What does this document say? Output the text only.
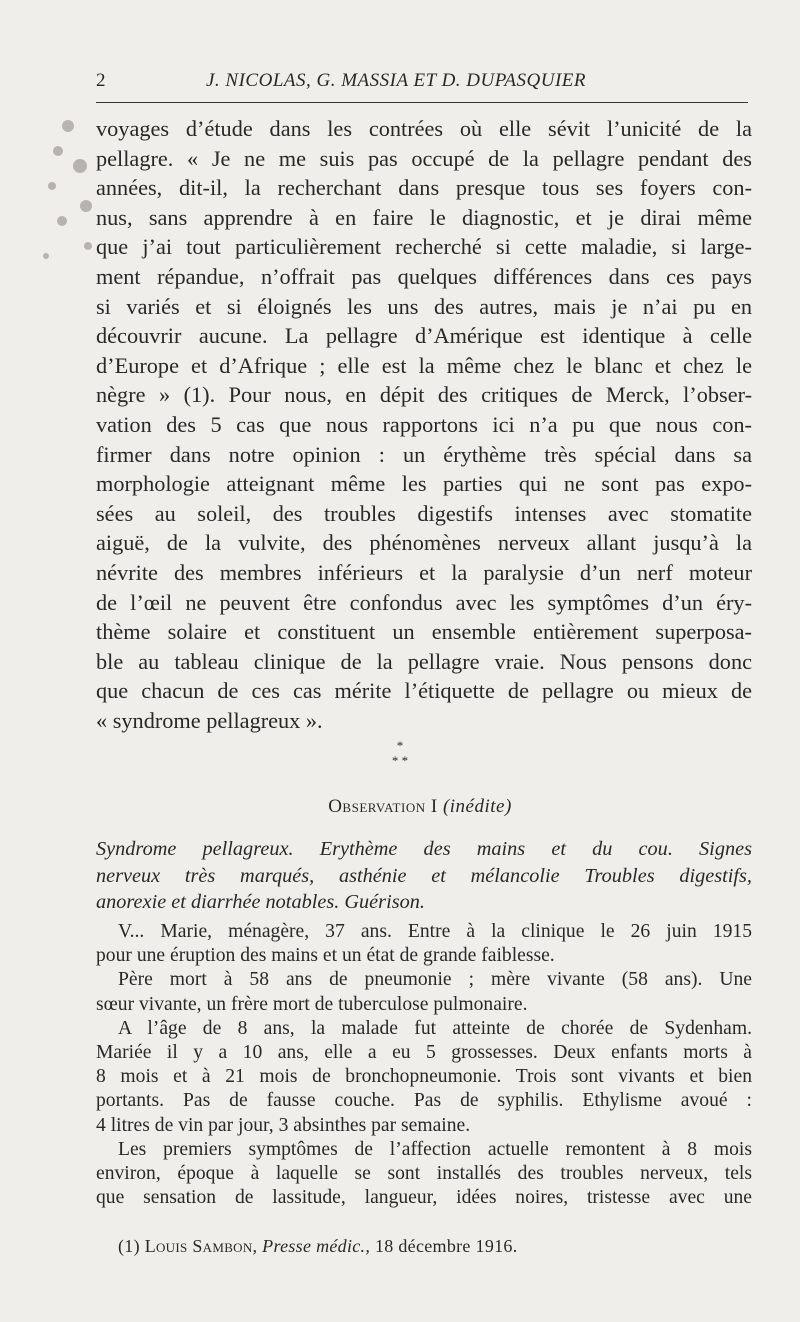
2	J. NICOLAS, G. MASSIA ET D. DUPASQUIER
voyages d’étude dans les contrées où elle sévit l’unicité de la
pellagre. « Je ne me suis pas occupé de la pellagre pendant des
années, dit-il, la recherchant dans presque tous ses foyers con-
nus, sans apprendre à en faire le diagnostic, et je dirai même
que j’ai tout particulièrement recherché si cette maladie, si large-
ment répandue, n’offrait pas quelques différences dans ces pays
si variés et si éloignés les uns des autres, mais je n’ai pu en
découvrir aucune. La pellagre d’Amérique est identique à celle
d’Europe et d’Afrique ; elle est la même chez le blanc et chez le
nègre » (1). Pour nous, en dépit des critiques de Merck, l’obser-
vation des 5 cas que nous rapportons ici n’a pu que nous con-
firmer dans notre opinion : un érythème très spécial dans sa
morphologie atteignant même les parties qui ne sont pas expo-
sées au soleil, des troubles digestifs intenses avec stomatite
aiguë, de la vulvite, des phénomènes nerveux allant jusqu’à la
névrite des membres inférieurs et la paralysie d’un nerf moteur
de l’œil ne peuvent être confondus avec les symptômes d’un éry-
thème solaire et constituent un ensemble entièrement superposa-
ble au tableau clinique de la pellagre vraie. Nous pensons donc
que chacun de ces cas mérite l’étiquette de pellagre ou mieux de
« syndrome pellagreux ».
*
* *
Observation I (inédite)
Syndrome pellagreux. Erythème des mains et du cou. Signes
nerveux très marqués, asthénie et mélancolie Troubles digestifs,
anorexie et diarrhée notables. Guérison.
V... Marie, ménagère, 37 ans. Entre à la clinique le 26 juin 1915
pour une éruption des mains et un état de grande faiblesse.
Père mort à 58 ans de pneumonie ; mère vivante (58 ans). Une
sœur vivante, un frère mort de tuberculose pulmonaire.
A l’âge de 8 ans, la malade fut atteinte de chorée de Sydenham.
Mariée il y a 10 ans, elle a eu 5 grossesses. Deux enfants morts à
8 mois et à 21 mois de bronchopneumonie. Trois sont vivants et bien
portants. Pas de fausse couche. Pas de syphilis. Ethylisme avoué :
4 litres de vin par jour, 3 absinthes par semaine.
Les premiers symptômes de l’affection actuelle remontent à 8 mois
environ, époque à laquelle se sont installés des troubles nerveux, tels
que sensation de lassitude, langueur, idées noires, tristesse avec une
(1) Louis Sambon, Presse médic., 18 décembre 1916.
